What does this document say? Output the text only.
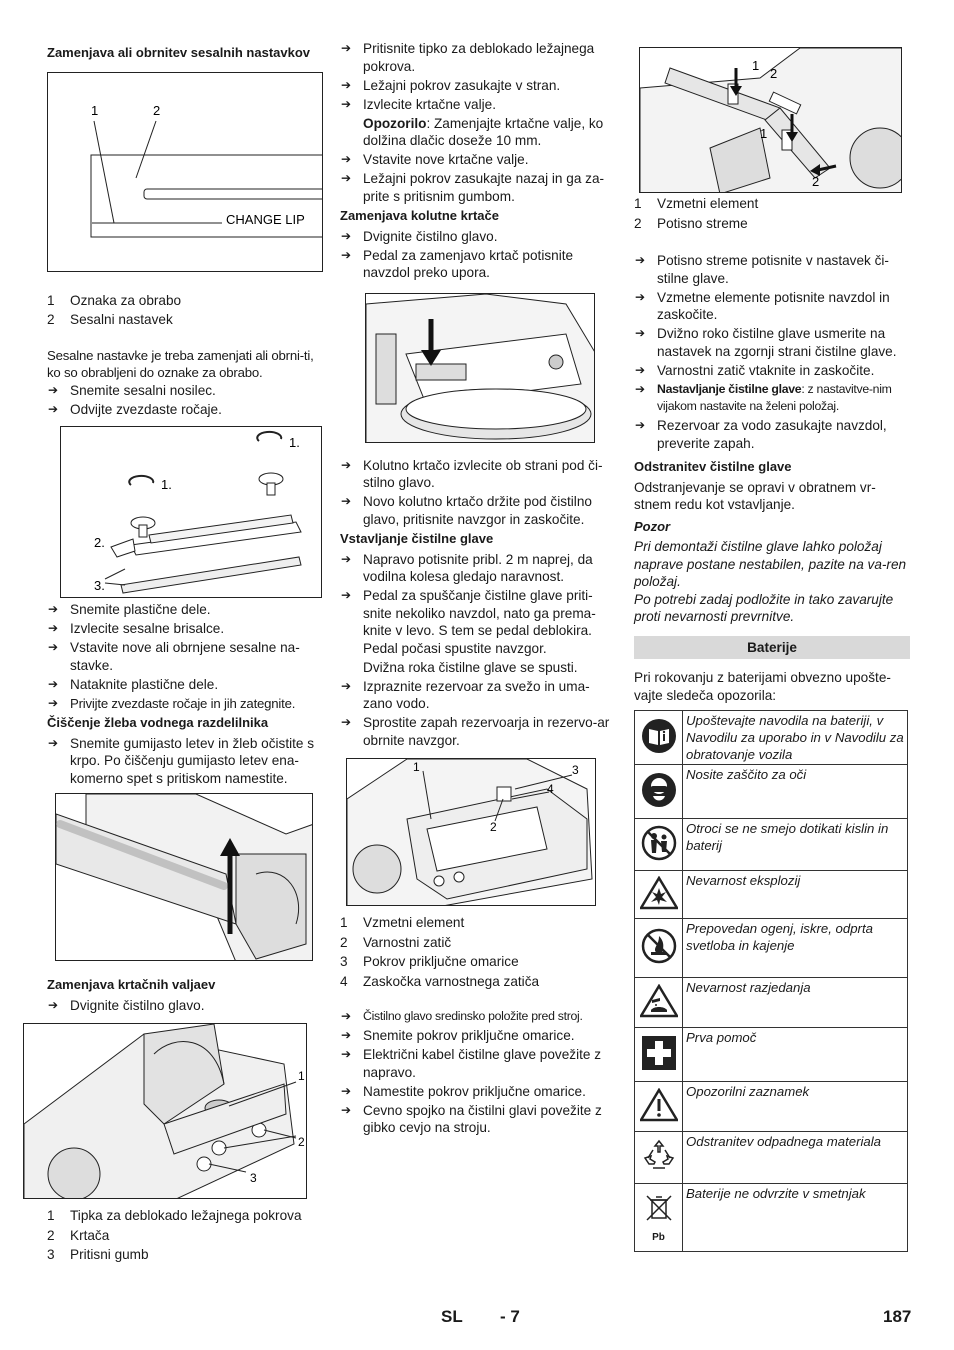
Zamenjava ali obrnitev sesalnih nastavkov
1	2
CHANGE LIP
1	Oznaka za obrabo
2	Sesalni nastavek
Sesalne nastavke je treba zamenjati ali obrni-ti, ko so obrabljeni do oznake za obrabo.
➔ Snemite sesalni nosilec.
➔ Odvijte zvezdaste ročaje.
1.
1.
2.
3.
➔ Snemite plastične dele.
➔ Izvlecite sesalne brisalce.
➔ Vstavite nove ali obrnjene sesalne na-stavke.
➔ Nataknite plastične dele.
➔ Privijte zvezdaste ročaje in jih zategnite.
Čiščenje žleba vodnega razdelilnika
➔ Snemite gumijasto letev in žleb očistite s krpo. Po čiščenju gumijasto letev ena-komerno spet s pritiskom namestite.
Zamenjava krtačnih valjaev
➔ Dvignite čistilno glavo.
1
2
3
1	Tipka za deblokado ležajnega pokrova
2	Krtača
3	Pritisni gumb
➔ Pritisnite tipko za deblokado ležajnega pokrova.
➔ Ležajni pokrov zasukajte v stran.
➔ Izvlecite krtačne valje.
Opozorilo: Zamenjajte krtačne valje, ko dolžina dlačic doseže 10 mm.
➔ Vstavite nove krtačne valje.
➔ Ležajni pokrov zasukajte nazaj in ga za-prite s pritisnim gumbom.
Zamenjava kolutne krtače
➔ Dvignite čistilno glavo.
➔ Pedal za zamenjavo krtač potisnite navzdol preko upora.
➔ Kolutno krtačo izvlecite ob strani pod či-stilno glavo.
➔ Novo kolutno krtačo držite pod čistilno glavo, pritisnite navzgor in zaskočite.
Vstavljanje čistilne glave
➔ Napravo potisnite pribl. 2 m naprej, da vodilna kolesa gledajo naravnost.
➔ Pedal za spuščanje čistilne glave priti-snite nekoliko navzdol, nato ga prema-knite v levo. S tem se pedal deblokira. Pedal počasi spustite navzgor.
Dvižna roka čistilne glave se spusti.
➔ Izpraznite rezervoar za svežo in uma-zano vodo.
➔ Sprostite zapah rezervoarja in rezervo-ar obrnite navzgor.
1
2
3
4
1	Vzmetni element
2	Varnostni zatič
3	Pokrov priključne omarice
4	Zaskočka varnostnega zatiča
➔ Čistilno glavo sredinsko položite pred stroj.
➔ Snemite pokrov priključne omarice.
➔ Električni kabel čistilne glave povežite z napravo.
➔ Namestite pokrov priključne omarice.
➔ Cevno spojko na čistilni glavi povežite z gibko cevjo na stroju.
1
2
1
2
1	Vzmetni element
2	Potisno streme
➔ Potisno streme potisnite v nastavek či-stilne glave.
➔ Vzmetne elemente potisnite navzdol in zaskočite.
➔ Dvižno roko čistilne glave usmerite na nastavek na zgornji strani čistilne glave.
➔ Varnostni zatič vtaknite in zaskočite.
➔ Nastavljanje čistilne glave: z nastavitve-nim vijakom nastavite na želeni položaj.
➔ Rezervoar za vodo zasukajte navzdol, preverite zapah.
Odstranitev čistilne glave
Odstranjevanje se opravi v obratnem vr-stnem redu kot vstavljanje.
Pozor
Pri demontaži čistilne glave lahko položaj naprave postane nestabilen, pazite na va-ren položaj.
Po potrebi zadaj podložite in tako zavarujte proti nevarnosti prevrnitve.
Baterije
Pri rokovanju z baterijami obvezno upošte-vajte sledeča opozorila:
	Upoštevajte navodila na bateriji, v Navodilu za uporabo in v Navodilu za obratovanje vozila
	Nosite zaščito za oči
	Otroci se ne smejo dotikati kislin in baterij
	Nevarnost eksplozij
	Prepovedan ogenj, iskre, odprta svetloba in kajenje
	Nevarnost razjedanja
	Prva pomoč
	Opozorilni zaznamek
	Odstranitev odpadnega materiala

Pb	Baterije ne odvrzite v smetnjak
SL - 7	187
